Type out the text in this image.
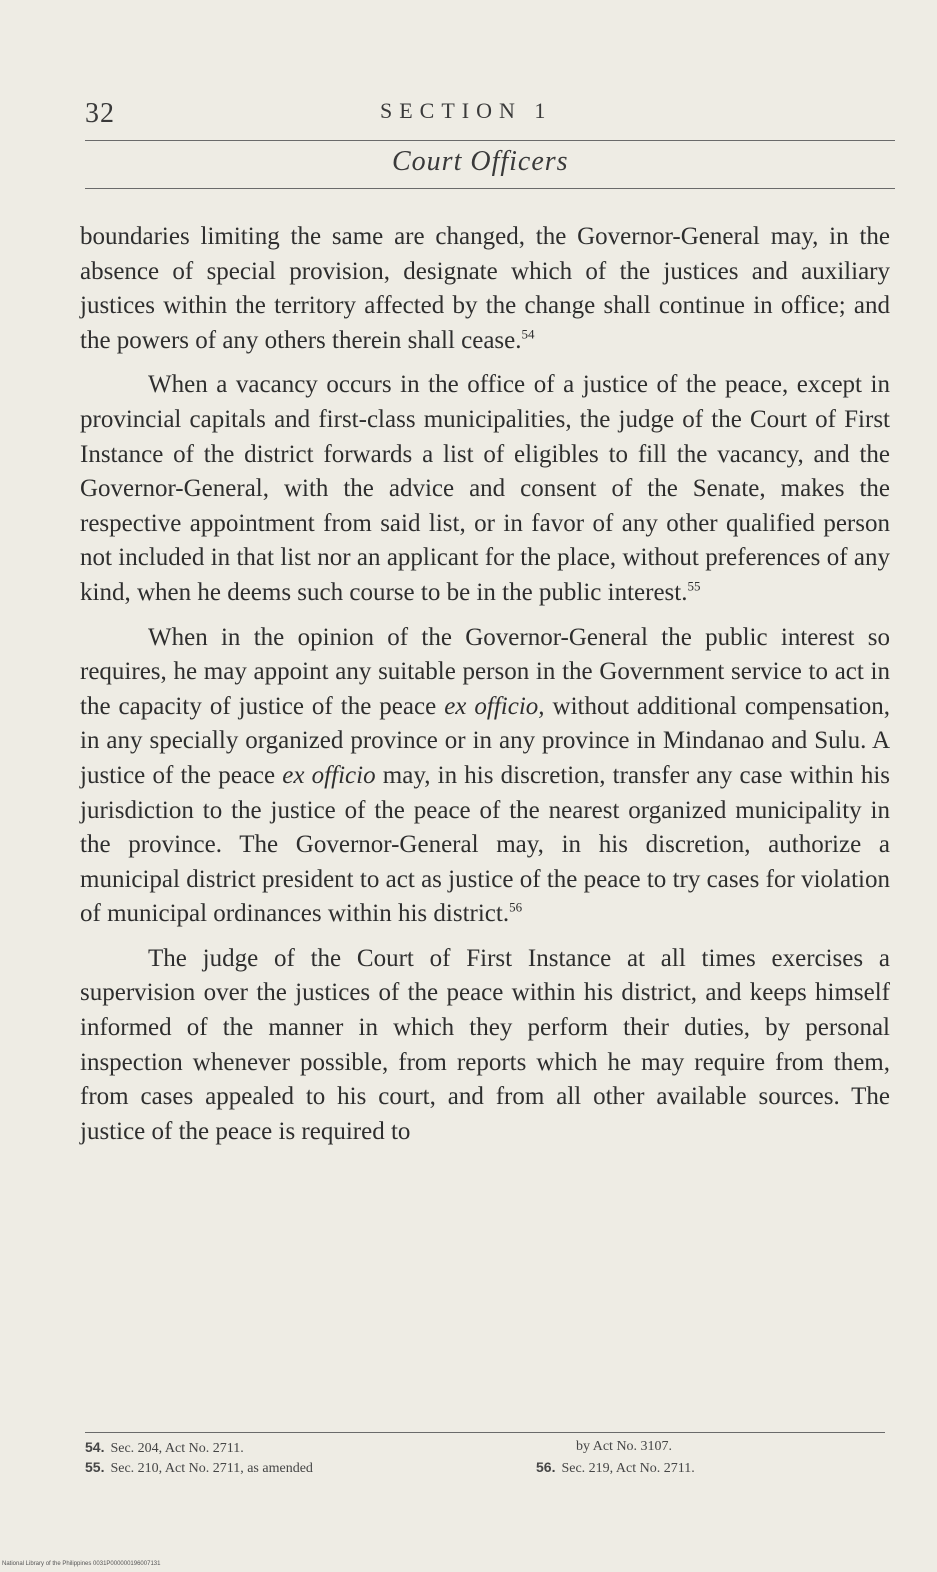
32	SECTION 1
Court Officers

boundaries limiting the same are changed, the Governor-General may, in the absence of special provision, designate which of the justices and auxiliary justices within the territory affected by the change shall continue in office; and the powers of any others therein shall cease.$^{54}$

When a vacancy occurs in the office of a justice of the peace, except in provincial capitals and first-class municipalities, the judge of the Court of First Instance of the district forwards a list of eligibles to fill the vacancy, and the Governor-General, with the advice and consent of the Senate, makes the respective appointment from said list, or in favor of any other qualified person not included in that list nor an applicant for the place, without preferences of any kind, when he deems such course to be in the public interest.$^{55}$

When in the opinion of the Governor-General the public interest so requires, he may appoint any suitable person in the Government service to act in the capacity of justice of the peace ex officio, without additional compensation, in any specially organized province or in any province in Mindanao and Sulu. A justice of the peace ex officio may, in his discretion, transfer any case within his jurisdiction to the justice of the peace of the nearest organized municipality in the province. The Governor-General may, in his discretion, authorize a municipal district president to act as justice of the peace to try cases for violation of municipal ordinances within his district.$^{56}$

The judge of the Court of First Instance at all times exercises a supervision over the justices of the peace within his district, and keeps himself informed of the manner in which they perform their duties, by personal inspection whenever possible, from reports which he may require from them, from cases appealed to his court, and from all other available sources. The justice of the peace is required to

54. Sec. 204, Act No. 2711.	by Act No. 3107.
55. Sec. 210, Act No. 2711, as amended	56. Sec. 219, Act No. 2711.
National Library of the Philippines 0031P000000196007131
